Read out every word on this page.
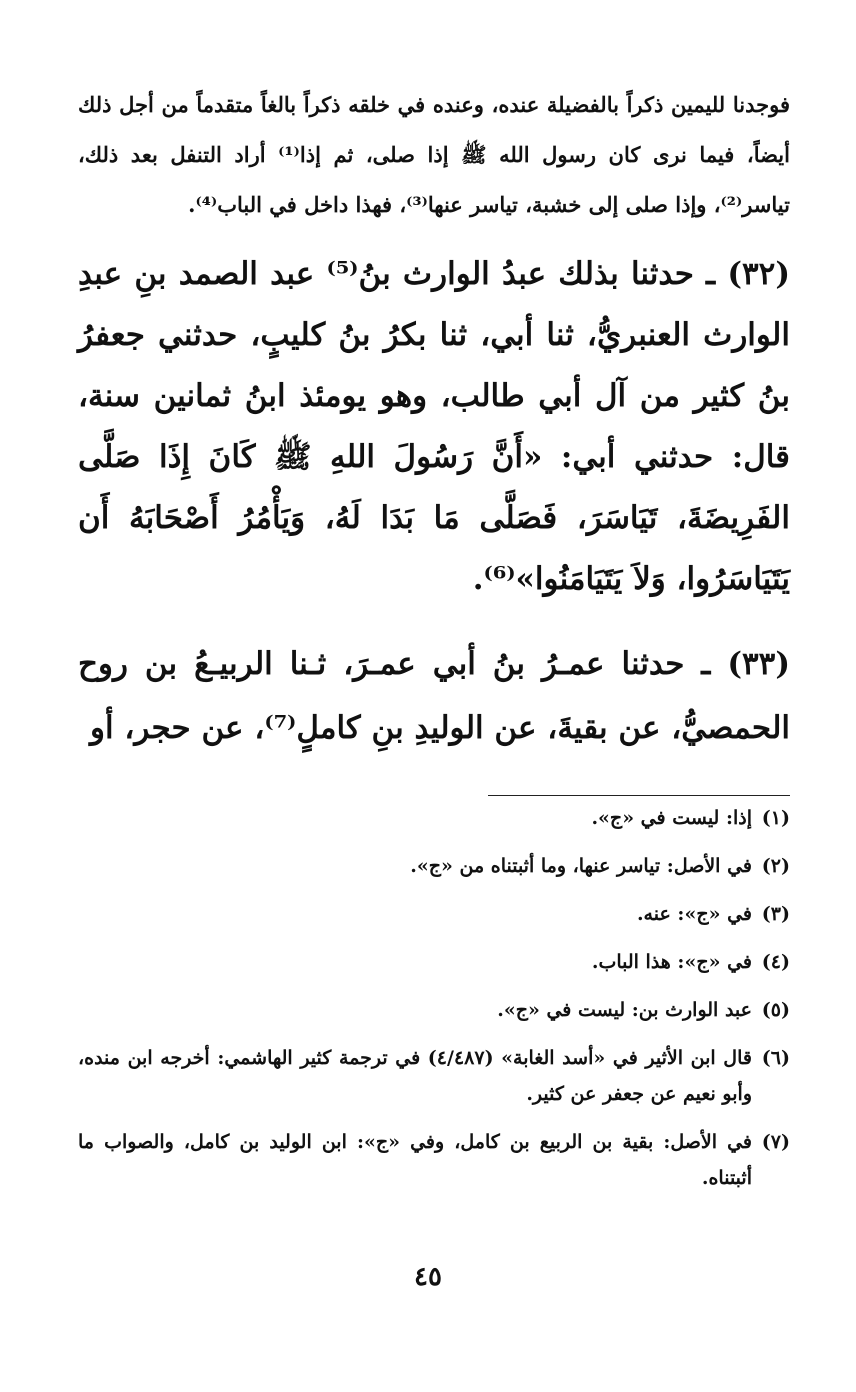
فوجدنا لليمين ذكراً بالفضيلة عنده، وعنده في خلقه ذكراً بالغاً متقدماً من أجل ذلك أيضاً، فيما نرى كان رسول الله ﷺ إذا صلى، ثم إذا⁽¹⁾ أراد التنفل بعد ذلك، تياسر⁽²⁾، وإذا صلى إلى خشبة، تياسر عنها⁽³⁾، فهذا داخل في الباب⁽⁴⁾.

(٣٢) ـ حدثنا بذلك عبدُ الوارث بنُ⁽⁵⁾ عبد الصمد بنِ عبدِ الوارث العنبريُّ، ثنا أبي، ثنا بكرُ بنُ كليبٍ، حدثني جعفرُ بنُ كثير من آل أبي طالب، وهو يومئذ ابنُ ثمانين سنة، قال: حدثني أبي: «أَنَّ رَسُولَ اللهِ ﷺ كَانَ إِذَا صَلَّى الفَرِيضَةَ، تَيَاسَرَ، فَصَلَّى مَا بَدَا لَهُ، وَيَأْمُرُ أَصْحَابَهُ أَن يَتَيَاسَرُوا، وَلاَ يَتَيَامَنُوا»⁽⁶⁾.

(٣٣) ـ حدثنا عمـرُ بنُ أبي عمـرَ، ثـنا الربيـعُ بن روح الحمصيُّ، عن بقيةَ، عن الوليدِ بنِ كاملٍ⁽⁷⁾، عن حجر، أو

(١)
إذا: ليست في «ج».
(٢)
في الأصل: تياسر عنها، وما أثبتناه من «ج».
(٣)
في «ج»: عنه.
(٤)
في «ج»: هذا الباب.
(٥)
عبد الوارث بن: ليست في «ج».
(٦)
قال ابن الأثير في «أسد الغابة» (٤/٤٨٧) في ترجمة كثير الهاشمي: أخرجه ابن منده، وأبو نعيم عن جعفر عن كثير.
(٧)
في الأصل: بقية بن الربيع بن كامل، وفي «ج»: ابن الوليد بن كامل، والصواب ما أثبتناه.
٤٥
